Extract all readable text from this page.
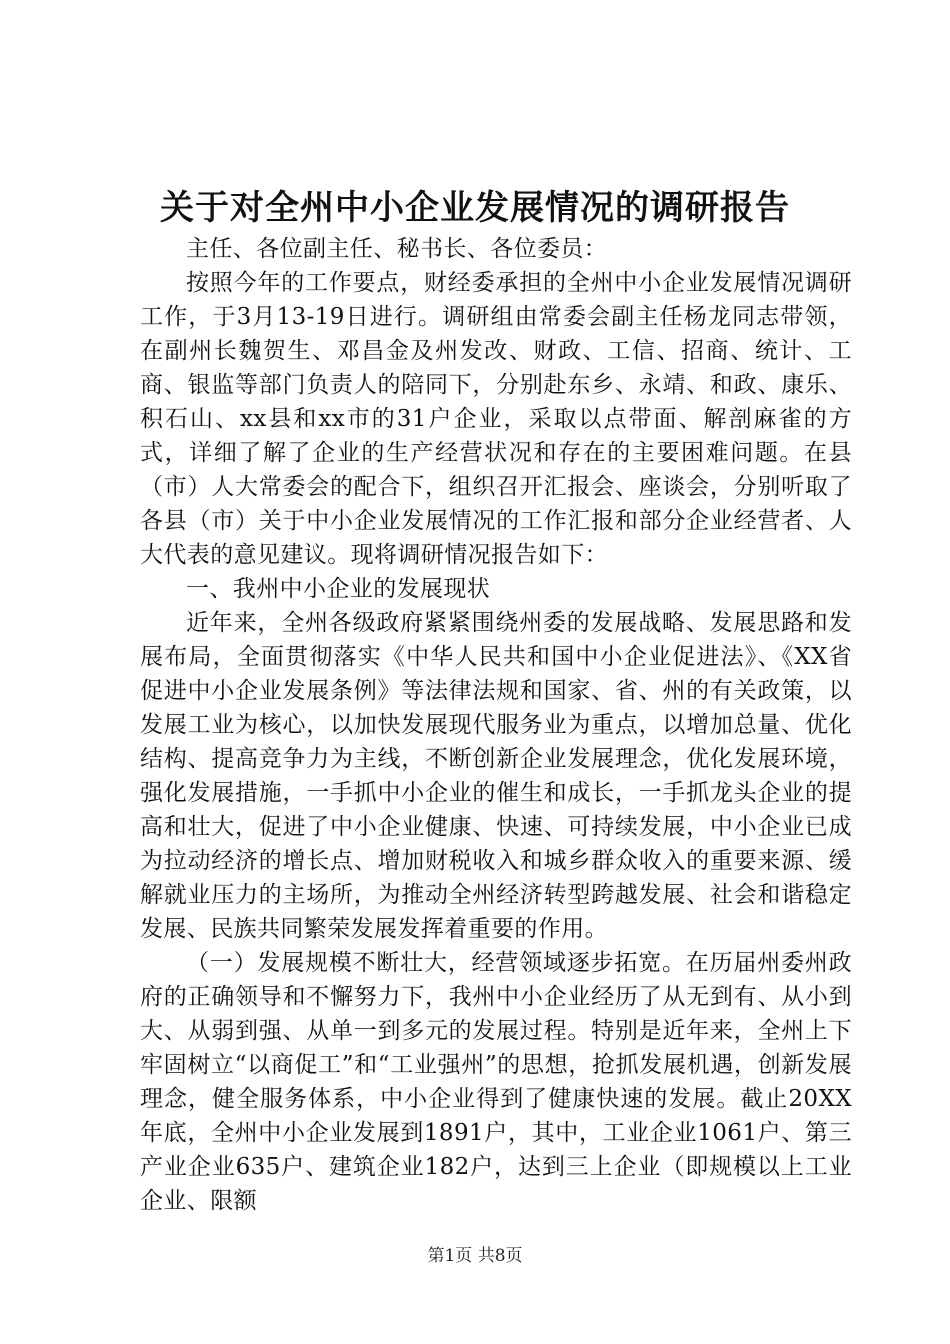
关于对全州中小企业发展情况的调研报告

主任、各位副主任、秘书长、各位委员：

按照今年的工作要点，财经委承担的全州中小企业发展情况调研工作，于3月13-19日进行。调研组由常委会副主任杨龙同志带领，在副州长魏贺生、邓昌金及州发改、财政、工信、招商、统计、工商、银监等部门负责人的陪同下，分别赴东乡、永靖、和政、康乐、积石山、xx县和xx市的31户企业，采取以点带面、解剖麻雀的方式，详细了解了企业的生产经营状况和存在的主要困难问题。在县（市）人大常委会的配合下，组织召开汇报会、座谈会，分别听取了各县（市）关于中小企业发展情况的工作汇报和部分企业经营者、人大代表的意见建议。现将调研情况报告如下：

一、我州中小企业的发展现状

近年来，全州各级政府紧紧围绕州委的发展战略、发展思路和发展布局，全面贯彻落实《中华人民共和国中小企业促进法》、《XX省促进中小企业发展条例》等法律法规和国家、省、州的有关政策，以发展工业为核心，以加快发展现代服务业为重点，以增加总量、优化结构、提高竞争力为主线，不断创新企业发展理念，优化发展环境，强化发展措施，一手抓中小企业的催生和成长，一手抓龙头企业的提高和壮大，促进了中小企业健康、快速、可持续发展，中小企业已成为拉动经济的增长点、增加财税收入和城乡群众收入的重要来源、缓解就业压力的主场所，为推动全州经济转型跨越发展、社会和谐稳定发展、民族共同繁荣发展发挥着重要的作用。

（一）发展规模不断壮大，经营领域逐步拓宽。在历届州委州政府的正确领导和不懈努力下，我州中小企业经历了从无到有、从小到大、从弱到强、从单一到多元的发展过程。特别是近年来，全州上下牢固树立“以商促工”和“工业强州”的思想，抢抓发展机遇，创新发展理念，健全服务体系，中小企业得到了健康快速的发展。截止20XX年底，全州中小企业发展到1891户，其中，工业企业1061户、第三产业企业635户、建筑企业182户，达到三上企业（即规模以上工业企业、限额

第1页 共8页
